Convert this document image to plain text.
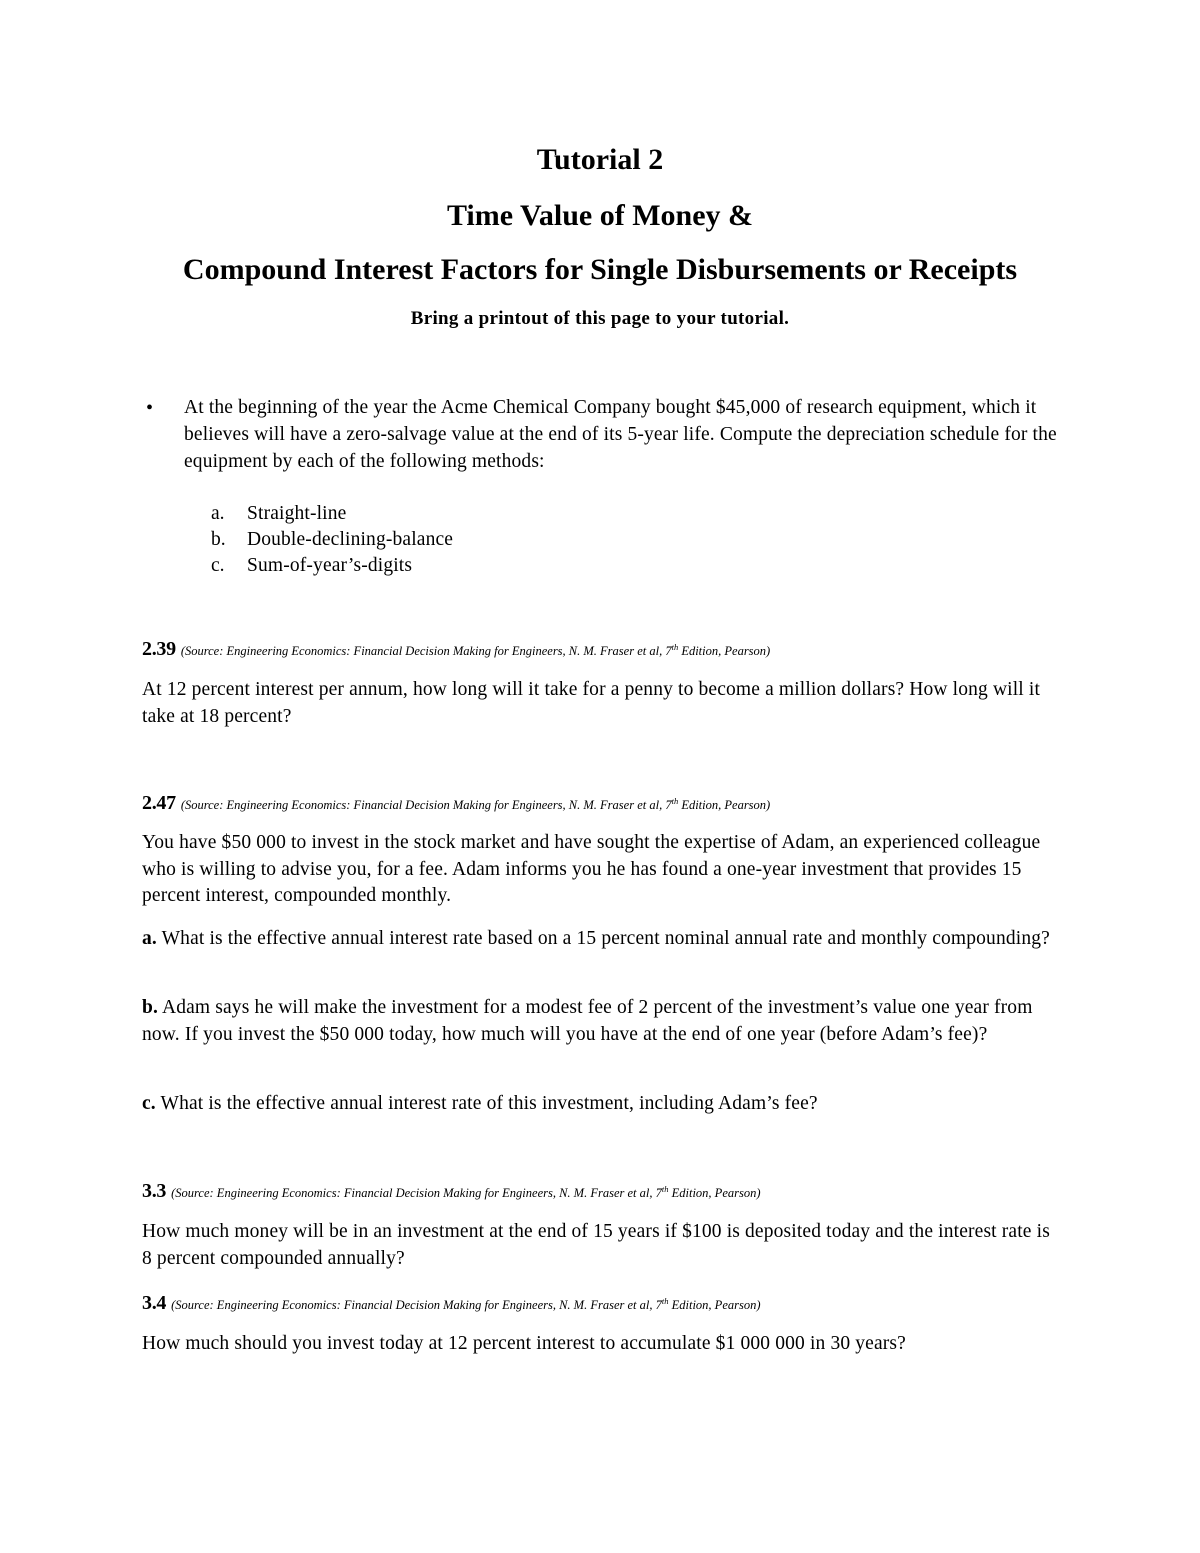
Tutorial 2
Time Value of Money &
Compound Interest Factors for Single Disbursements or Receipts

Bring a printout of this page to your tutorial.

• At the beginning of the year the Acme Chemical Company bought $45,000 of research equipment, which it believes will have a zero-salvage value at the end of its 5-year life. Compute the depreciation schedule for the equipment by each of the following methods:

a. Straight-line
b. Double-declining-balance
c. Sum-of-year’s-digits
2.39 (Source: Engineering Economics: Financial Decision Making for Engineers, N. M. Fraser et al, 7th Edition, Pearson)

At 12 percent interest per annum, how long will it take for a penny to become a million dollars? How long will it take at 18 percent?

2.47 (Source: Engineering Economics: Financial Decision Making for Engineers, N. M. Fraser et al, 7th Edition, Pearson)

You have $50 000 to invest in the stock market and have sought the expertise of Adam, an experienced colleague who is willing to advise you, for a fee. Adam informs you he has found a one-year investment that provides 15 percent interest, compounded monthly.

a. What is the effective annual interest rate based on a 15 percent nominal annual rate and monthly compounding?

b. Adam says he will make the investment for a modest fee of 2 percent of the investment’s value one year from now. If you invest the $50 000 today, how much will you have at the end of one year (before Adam’s fee)?

c. What is the effective annual interest rate of this investment, including Adam’s fee?

3.3 (Source: Engineering Economics: Financial Decision Making for Engineers, N. M. Fraser et al, 7th Edition, Pearson)

How much money will be in an investment at the end of 15 years if $100 is deposited today and the interest rate is 8 percent compounded annually?

3.4 (Source: Engineering Economics: Financial Decision Making for Engineers, N. M. Fraser et al, 7th Edition, Pearson)

How much should you invest today at 12 percent interest to accumulate $1 000 000 in 30 years?
